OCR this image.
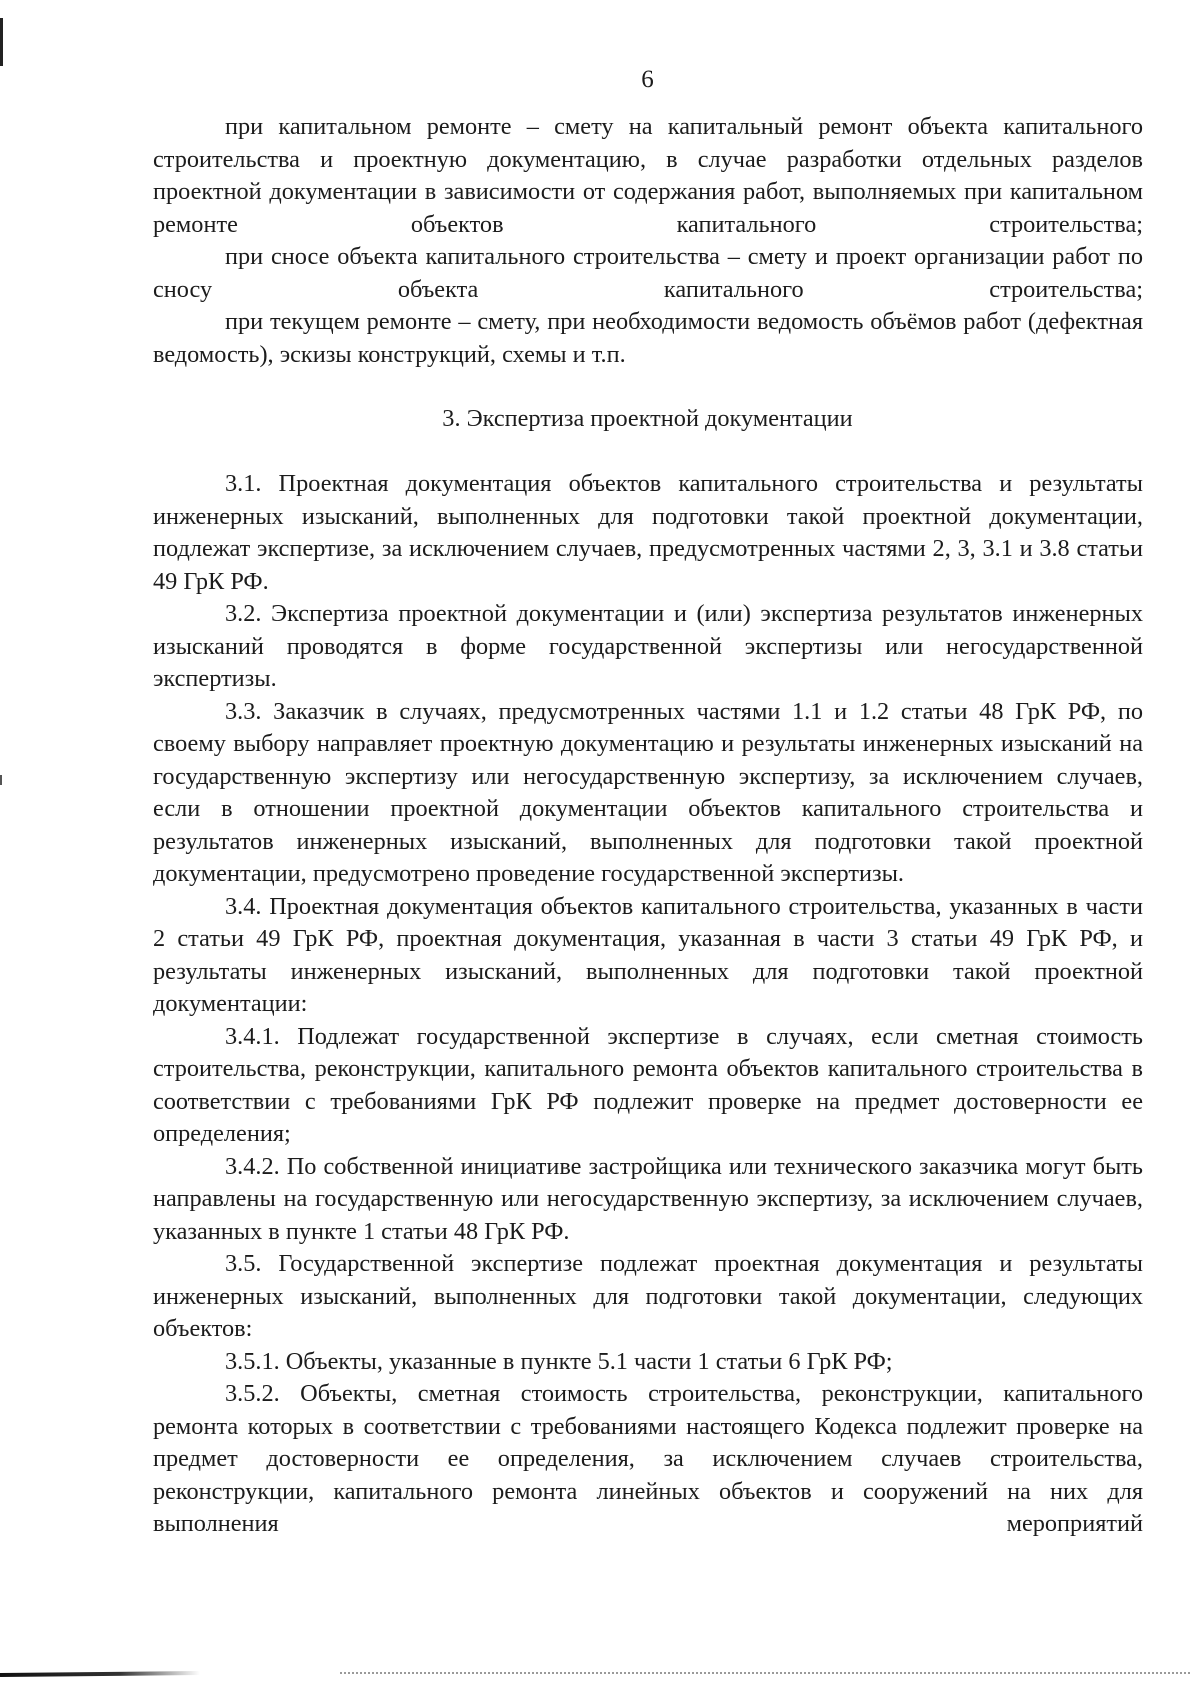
6

при капитальном ремонте – смету на капитальный ремонт объекта капитального строительства и проектную документацию, в случае разработки отдельных разделов проектной документации в зависимости от содержания работ, выполняемых при капитальном ремонте объектов капитального строительства;

при сносе объекта капитального строительства – смету и проект организации работ по сносу объекта капитального строительства;

при текущем ремонте – смету, при необходимости ведомость объёмов работ (дефектная ведомость), эскизы конструкций, схемы и т.п.

3. Экспертиза проектной документации

3.1. Проектная документация объектов капитального строительства и результаты инженерных изысканий, выполненных для подготовки такой проектной документации, подлежат экспертизе, за исключением случаев, предусмотренных частями 2, 3, 3.1 и 3.8 статьи 49 ГрК РФ.

3.2. Экспертиза проектной документации и (или) экспертиза результатов инженерных изысканий проводятся в форме государственной экспертизы или негосударственной экспертизы.

3.3. Заказчик в случаях, предусмотренных частями 1.1 и 1.2 статьи 48 ГрК РФ, по своему выбору направляет проектную документацию и результаты инженерных изысканий на государственную экспертизу или негосударственную экспертизу, за исключением случаев, если в отношении проектной документации объектов капитального строительства и результатов инженерных изысканий, выполненных для подготовки такой проектной документации, предусмотрено проведение государственной экспертизы.

3.4. Проектная документация объектов капитального строительства, указанных в части 2 статьи 49 ГрК РФ, проектная документация, указанная в части 3 статьи 49 ГрК РФ, и результаты инженерных изысканий, выполненных для подготовки такой проектной документации:

3.4.1. Подлежат государственной экспертизе в случаях, если сметная стоимость строительства, реконструкции, капитального ремонта объектов капитального строительства в соответствии с требованиями ГрК РФ подлежит проверке на предмет достоверности ее определения;

3.4.2. По собственной инициативе застройщика или технического заказчика могут быть направлены на государственную или негосударственную экспертизу, за исключением случаев, указанных в пункте 1 статьи 48 ГрК РФ.

3.5. Государственной экспертизе подлежат проектная документация и результаты инженерных изысканий, выполненных для подготовки такой документации, следующих объектов:

3.5.1. Объекты, указанные в пункте 5.1 части 1 статьи 6 ГрК РФ;

3.5.2. Объекты, сметная стоимость строительства, реконструкции, капитального ремонта которых в соответствии с требованиями настоящего Кодекса подлежит проверке на предмет достоверности ее определения, за исключением случаев строительства, реконструкции, капитального ремонта линейных объектов и сооружений на них для выполнения мероприятий
